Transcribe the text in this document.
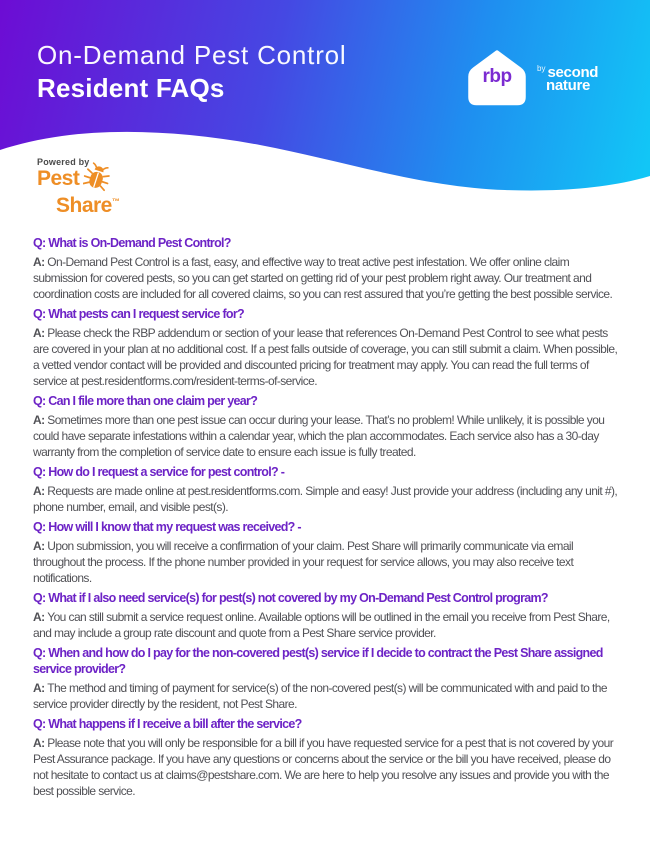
On-Demand Pest Control
Resident FAQs	rbp	$^{by}$ second
nature
Powered by
Pest
Share™
Q: What is On-Demand Pest Control?
A: On-Demand Pest Control is a fast, easy, and effective way to treat active pest infestation. We offer online claim submission for covered pests, so you can get started on getting rid of your pest problem right away. Our treatment and coordination costs are included for all covered claims, so you can rest assured that you’re getting the best possible service.
Q: What pests can I request service for?
A: Please check the RBP addendum or section of your lease that references On-Demand Pest Control to see what pests are covered in your plan at no additional cost. If a pest falls outside of coverage, you can still submit a claim. When possible, a vetted vendor contact will be provided and discounted pricing for treatment may apply. You can read the full terms of service at pest.residentforms.com/resident-terms-of-service.
Q: Can I file more than one claim per year?
A: Sometimes more than one pest issue can occur during your lease. That’s no problem! While unlikely, it is possible you could have separate infestations within a calendar year, which the plan accommodates. Each service also has a 30-day warranty from the completion of service date to ensure each issue is fully treated.
Q: How do I request a service for pest control? -
A: Requests are made online at pest.residentforms.com. Simple and easy! Just provide your address (including any unit #), phone number, email, and visible pest(s).
Q: How will I know that my request was received? -
A: Upon submission, you will receive a confirmation of your claim. Pest Share will primarily communicate via email throughout the process. If the phone number provided in your request for service allows, you may also receive text notifications.
Q: What if I also need service(s) for pest(s) not covered by my On-Demand Pest Control program?
A: You can still submit a service request online. Available options will be outlined in the email you receive from Pest Share, and may include a group rate discount and quote from a Pest Share service provider.
Q: When and how do I pay for the non-covered pest(s) service if I decide to contract the Pest Share assigned service provider?
A: The method and timing of payment for service(s) of the non-covered pest(s) will be communicated with and paid to the service provider directly by the resident, not Pest Share.
Q: What happens if I receive a bill after the service?
A: Please note that you will only be responsible for a bill if you have requested service for a pest that is not covered by your Pest Assurance package. If you have any questions or concerns about the service or the bill you have received, please do not hesitate to contact us at claims@pestshare.com. We are here to help you resolve any issues and provide you with the best possible service.
